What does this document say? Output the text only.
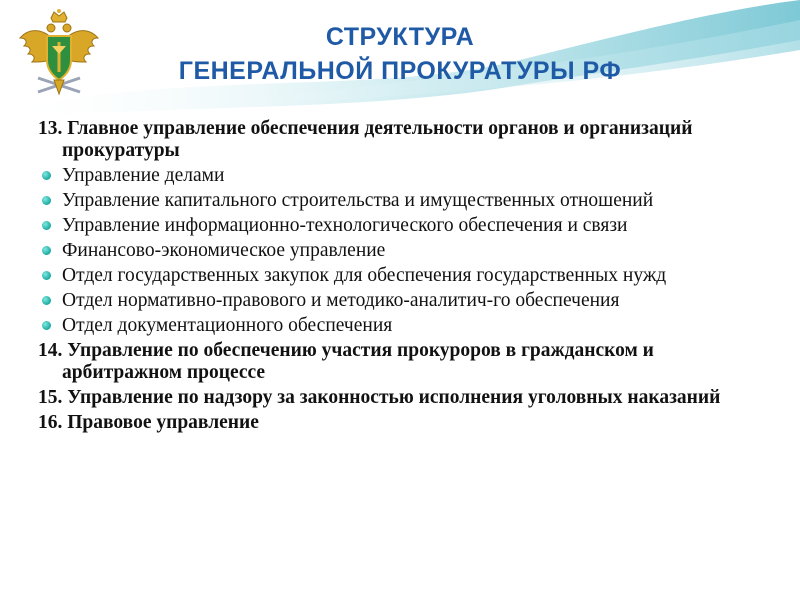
СТРУКТУРА
ГЕНЕРАЛЬНОЙ ПРОКУРАТУРЫ РФ
13. Главное управление обеспечения деятельности органов и организаций прокуратуры
Управление делами
Управление капитального строительства и имущественных отношений
Управление информационно-технологического обеспечения и связи
Финансово-экономическое управление
Отдел государственных закупок для обеспечения государственных нужд
Отдел нормативно-правового и методико-аналитич-го обеспечения
Отдел документационного обеспечения
14. Управление по обеспечению участия прокуроров в гражданском и арбитражном процессе
15. Управление по надзору за законностью исполнения уголовных наказаний
16. Правовое управление
